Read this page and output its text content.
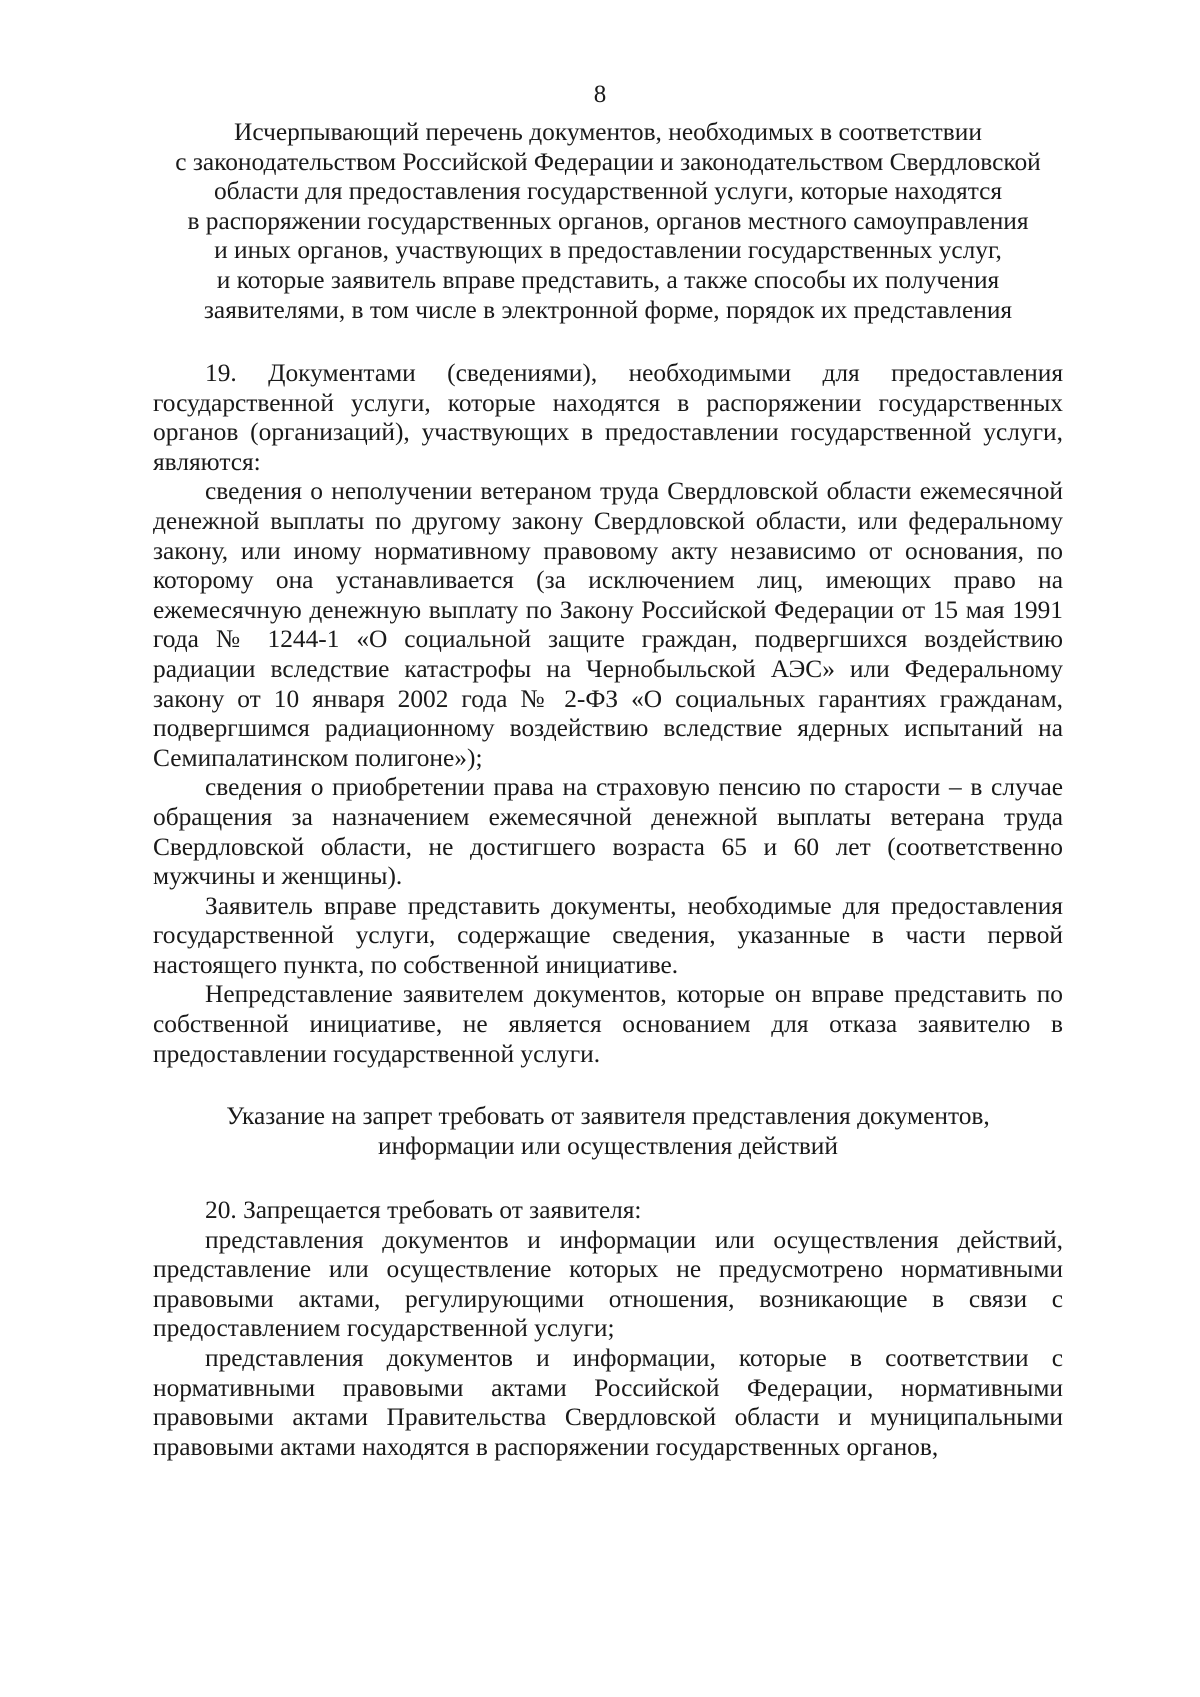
8
Исчерпывающий перечень документов, необходимых в соответствии
с законодательством Российской Федерации и законодательством Свердловской
области для предоставления государственной услуги, которые находятся
в распоряжении государственных органов, органов местного самоуправления
и иных органов, участвующих в предоставлении государственных услуг,
и которые заявитель вправе представить, а также способы их получения
заявителями, в том числе в электронной форме, порядок их представления

19. Документами (сведениями), необходимыми для предоставления государственной услуги, которые находятся в распоряжении государственных органов (организаций), участвующих в предоставлении государственной услуги, являются:

сведения о неполучении ветераном труда Свердловской области ежемесячной денежной выплаты по другому закону Свердловской области, или федеральному закону, или иному нормативному правовому акту независимо от основания, по которому она устанавливается (за исключением лиц, имеющих право на ежемесячную денежную выплату по Закону Российской Федерации от 15 мая 1991 года № 1244-1 «О социальной защите граждан, подвергшихся воздействию радиации вследствие катастрофы на Чернобыльской АЭС» или Федеральному закону от 10 января 2002 года № 2-ФЗ «О социальных гарантиях гражданам, подвергшимся радиационному воздействию вследствие ядерных испытаний на Семипалатинском полигоне»);

сведения о приобретении права на страховую пенсию по старости – в случае обращения за назначением ежемесячной денежной выплаты ветерана труда Свердловской области, не достигшего возраста 65 и 60 лет (соответственно мужчины и женщины).

Заявитель вправе представить документы, необходимые для предоставления государственной услуги, содержащие сведения, указанные в части первой настоящего пункта, по собственной инициативе.

Непредставление заявителем документов, которые он вправе представить по собственной инициативе, не является основанием для отказа заявителю в предоставлении государственной услуги.

Указание на запрет требовать от заявителя представления документов,
информации или осуществления действий

20. Запрещается требовать от заявителя:

представления документов и информации или осуществления действий, представление или осуществление которых не предусмотрено нормативными правовыми актами, регулирующими отношения, возникающие в связи с предоставлением государственной услуги;

представления документов и информации, которые в соответствии с нормативными правовыми актами Российской Федерации, нормативными правовыми актами Правительства Свердловской области и муниципальными правовыми актами находятся в распоряжении государственных органов,
